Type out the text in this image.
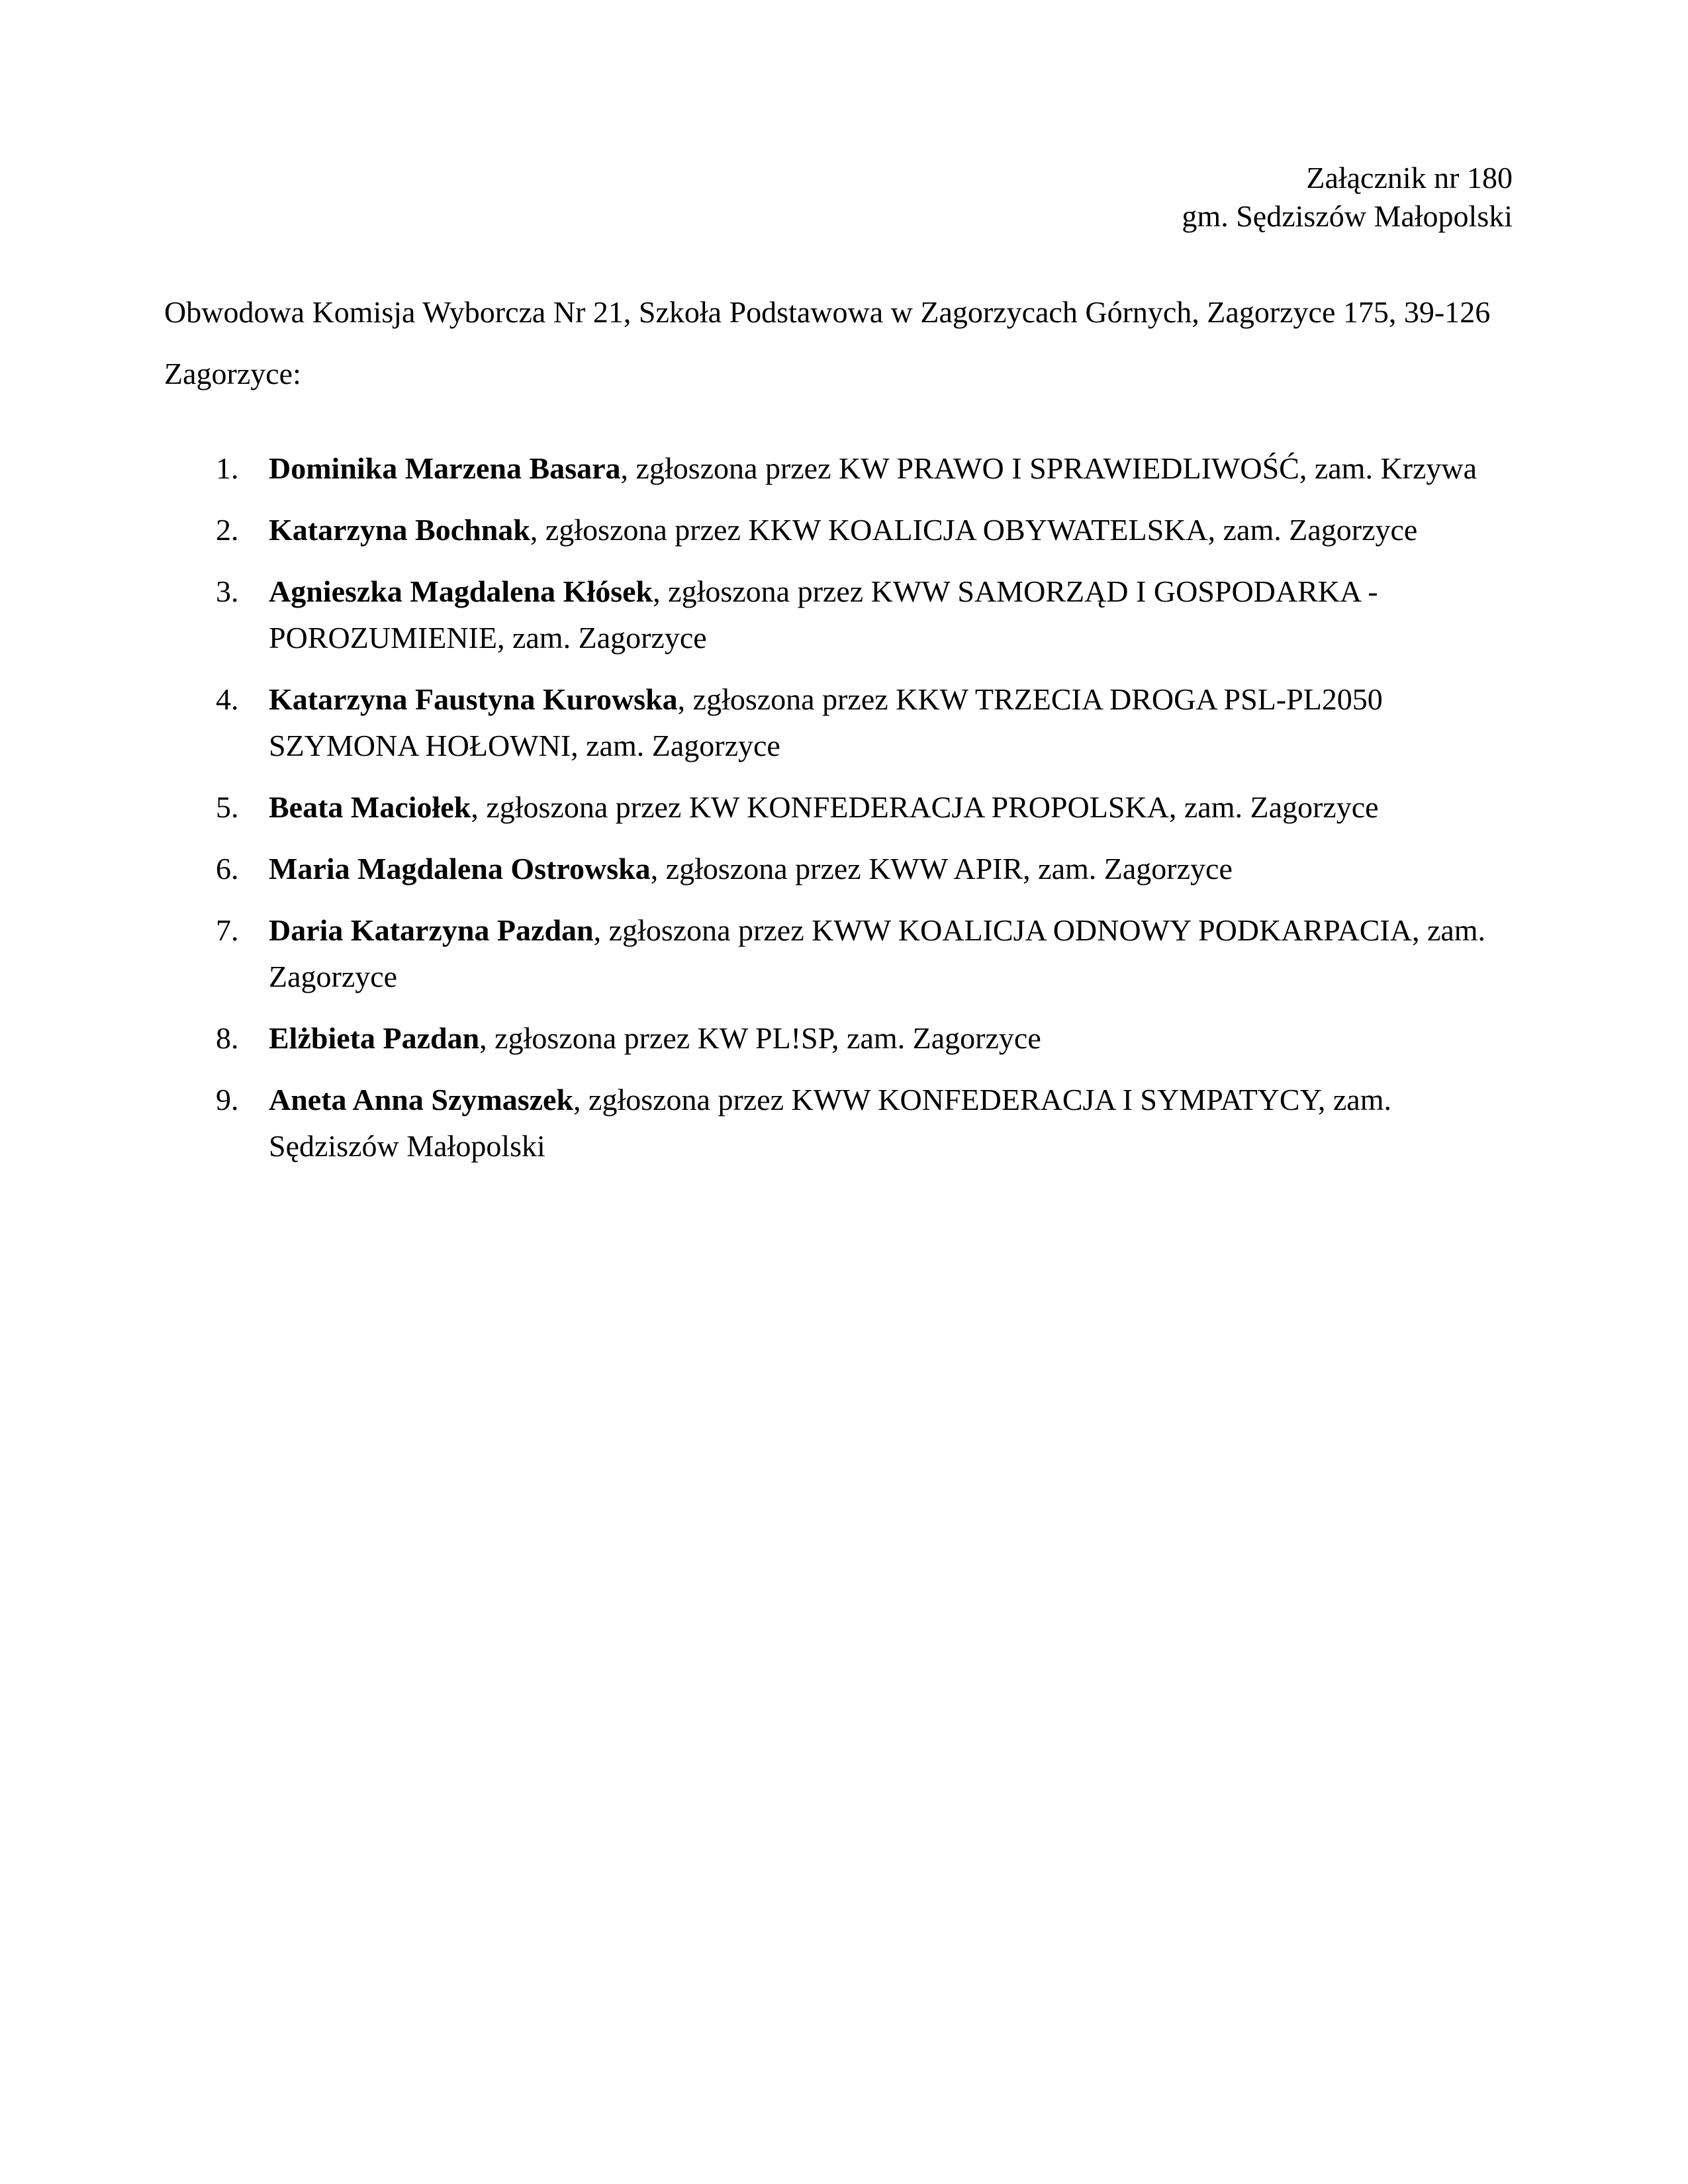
Załącznik nr 180
gm. Sędziszów Małopolski
Obwodowa Komisja Wyborcza Nr 21, Szkoła Podstawowa w Zagorzycach Górnych, Zagorzyce 175, 39-126 Zagorzyce:
1. Dominika Marzena Basara, zgłoszona przez KW PRAWO I SPRAWIEDLIWOŚĆ, zam. Krzywa
2. Katarzyna Bochnak, zgłoszona przez KKW KOALICJA OBYWATELSKA, zam. Zagorzyce
3. Agnieszka Magdalena Kłósek, zgłoszona przez KWW SAMORZĄD I GOSPODARKA - POROZUMIENIE, zam. Zagorzyce
4. Katarzyna Faustyna Kurowska, zgłoszona przez KKW TRZECIA DROGA PSL-PL2050 SZYMONA HOŁOWNI, zam. Zagorzyce
5. Beata Maciołek, zgłoszona przez KW KONFEDERACJA PROPOLSKA, zam. Zagorzyce
6. Maria Magdalena Ostrowska, zgłoszona przez KWW APIR, zam. Zagorzyce
7. Daria Katarzyna Pazdan, zgłoszona przez KWW KOALICJA ODNOWY PODKARPACIA, zam. Zagorzyce
8. Elżbieta Pazdan, zgłoszona przez KW PL!SP, zam. Zagorzyce
9. Aneta Anna Szymaszek, zgłoszona przez KWW KONFEDERACJA I SYMPATYCY, zam. Sędziszów Małopolski
